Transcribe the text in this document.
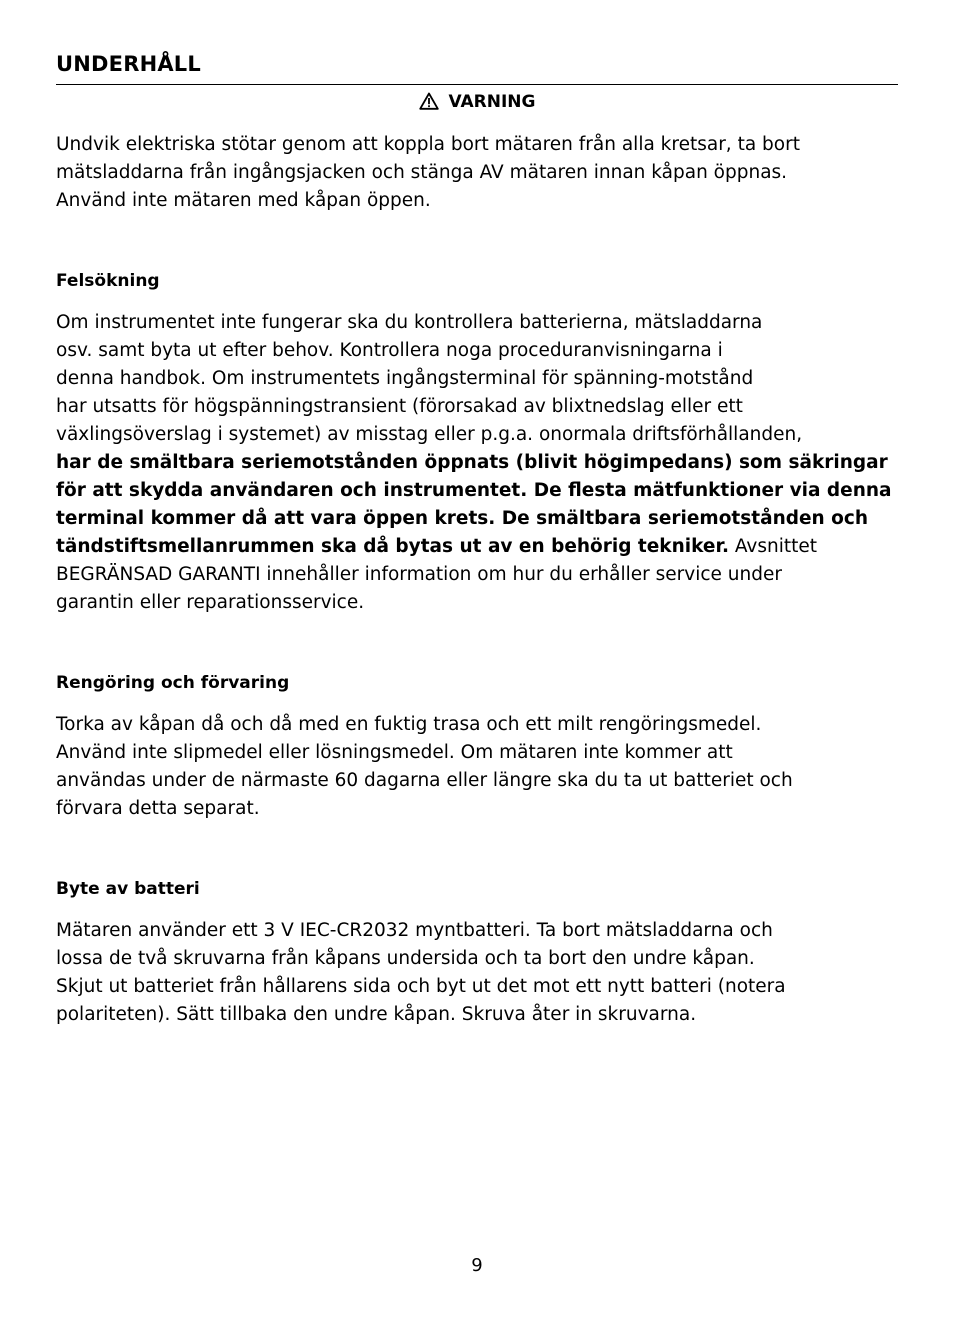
UNDERHÅLL
VARNING

Undvik elektriska stötar genom att koppla bort mätaren från alla kretsar, ta bort
mätsladdarna från ingångsjacken och stänga AV mätaren innan kåpan öppnas.
Använd inte mätaren med kåpan öppen.

Felsökning

Om instrumentet inte fungerar ska du kontrollera batterierna, mätsladdarna
osv. samt byta ut efter behov. Kontrollera noga proceduranvisningarna i
denna handbok. Om instrumentets ingångsterminal för spänning-motstånd
har utsatts för högspänningstransient (förorsakad av blixtnedslag eller ett
växlingsöverslag i systemet) av misstag eller p.g.a. onormala driftsförhållanden,
har de smältbara seriemotstånden öppnats (blivit högimpedans) som säkringar
för att skydda användaren och instrumentet. De flesta mätfunktioner via denna
terminal kommer då att vara öppen krets. De smältbara seriemotstånden och
tändstiftsmellanrummen ska då bytas ut av en behörig tekniker. Avsnittet
BEGRÄNSAD GARANTI innehåller information om hur du erhåller service under
garantin eller reparationsservice.

Rengöring och förvaring

Torka av kåpan då och då med en fuktig trasa och ett milt rengöringsmedel.
Använd inte slipmedel eller lösningsmedel. Om mätaren inte kommer att
användas under de närmaste 60 dagarna eller längre ska du ta ut batteriet och
förvara detta separat.

Byte av batteri

Mätaren använder ett 3 V IEC-CR2032 myntbatteri. Ta bort mätsladdarna och
lossa de två skruvarna från kåpans undersida och ta bort den undre kåpan.
Skjut ut batteriet från hållarens sida och byt ut det mot ett nytt batteri (notera
polariteten). Sätt tillbaka den undre kåpan. Skruva åter in skruvarna.

9
